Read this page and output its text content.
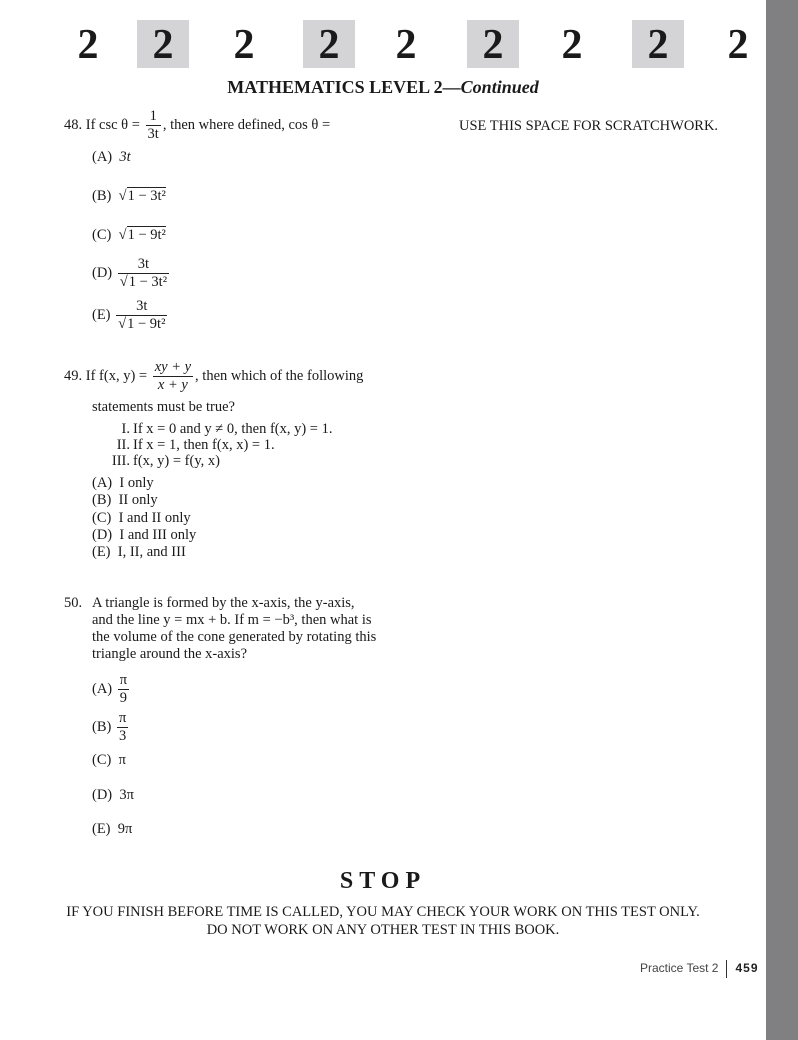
2	2	2	2	2	2	2	2	2
MATHEMATICS LEVEL 2—Continued
USE THIS SPACE FOR SCRATCHWORK.
48. If $\csc \theta = \frac{1}{3t}$ , then where defined, cos θ =
(A) 3t
(B)  √1 − 3t²
(C)  √1 − 9t²
$(D) \frac{3t}{\text{√1 − 3t²}}$
$(E) \frac{3t}{\text{√1 − 9t²}}$
49. If f(x, $y) = \frac{xy + y}{x + y}$ , then which of the following
statements must be true?
I. If x = 0 and y ≠ 0, then f(x, y) = 1.
II. If x = 1, then f(x, x) = 1.
III. f(x, y) = f(y, x)
(A) I only
(B) II only
(C) I and II only
(D) I and III only
(E) I, II, and III
50. A triangle is formed by the x-axis, the y-axis,
and the line y = mx + b. If m = −b³, then what is
the volume of the cone generated by rotating this
triangle around the x-axis?
$(A) \frac{\pi}{9}$
$(B) \frac{\pi}{3}$
(C) π
(D) 3π
(E) 9π
STOP
IF YOU FINISH BEFORE TIME IS CALLED, YOU MAY CHECK YOUR WORK ON THIS TEST ONLY.
DO NOT WORK ON ANY OTHER TEST IN THIS BOOK.
Practice Test 2 459
